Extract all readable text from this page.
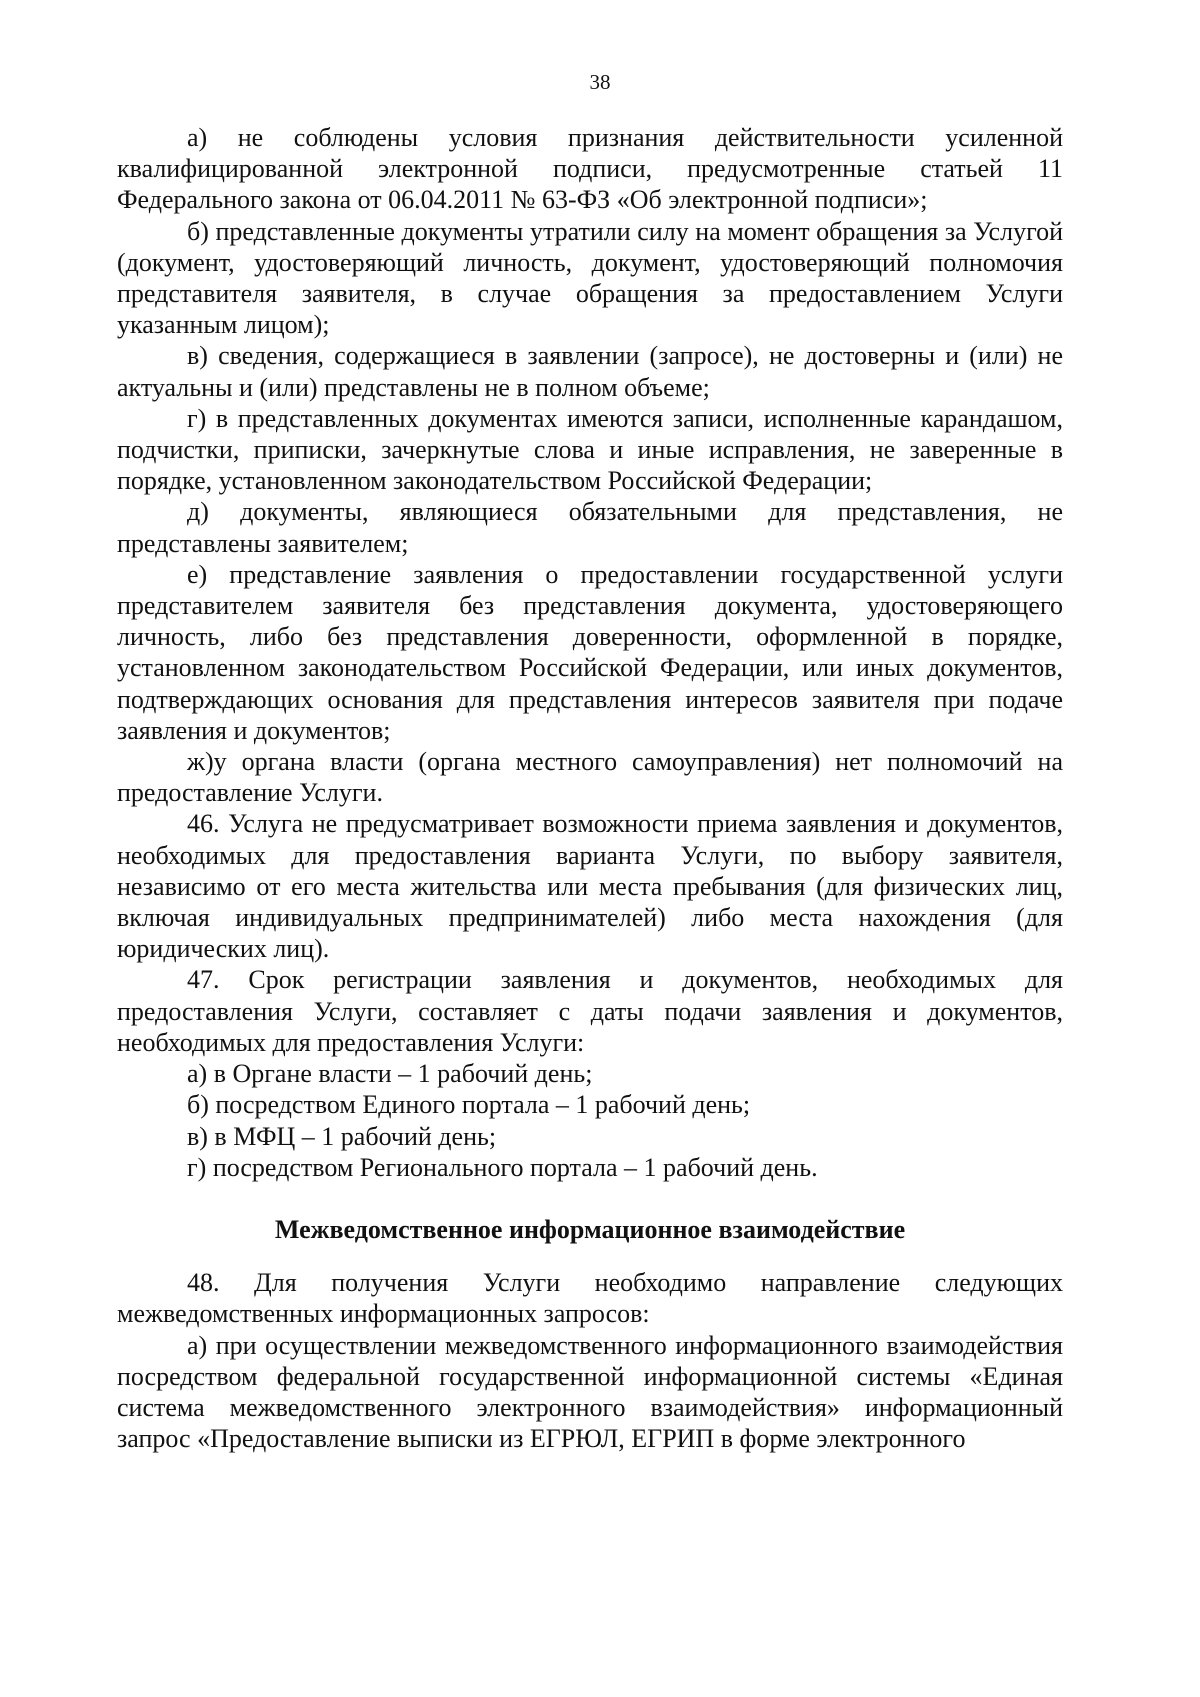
38

а) не соблюдены условия признания действительности усиленной квалифицированной электронной подписи, предусмотренные статьей 11 Федерального закона от 06.04.2011 № 63-ФЗ «Об электронной подписи»;

б) представленные документы утратили силу на момент обращения за Услугой (документ, удостоверяющий личность, документ, удостоверяющий полномочия представителя заявителя, в случае обращения за предоставлением Услуги указанным лицом);

в) сведения, содержащиеся в заявлении (запросе), не достоверны и (или) не актуальны и (или) представлены не в полном объеме;

г) в представленных документах имеются записи, исполненные карандашом, подчистки, приписки, зачеркнутые слова и иные исправления, не заверенные в порядке, установленном законодательством Российской Федерации;

д) документы, являющиеся обязательными для представления, не представлены заявителем;

е) представление заявления о предоставлении государственной услуги представителем заявителя без представления документа, удостоверяющего личность, либо без представления доверенности, оформленной в порядке, установленном законодательством Российской Федерации, или иных документов, подтверждающих основания для представления интересов заявителя при подаче заявления и документов;

ж)у органа власти (органа местного самоуправления) нет полномочий на предоставление Услуги.

46. Услуга не предусматривает возможности приема заявления и документов, необходимых для предоставления варианта Услуги, по выбору заявителя, независимо от его места жительства или места пребывания (для физических лиц, включая индивидуальных предпринимателей) либо места нахождения (для юридических лиц).

47. Срок регистрации заявления и документов, необходимых для предоставления Услуги, составляет с даты подачи заявления и документов, необходимых для предоставления Услуги:

а) в Органе власти – 1 рабочий день;

б) посредством Единого портала – 1 рабочий день;

в) в МФЦ – 1 рабочий день;

г) посредством Регионального портала – 1 рабочий день.

Межведомственное информационное взаимодействие

48. Для получения Услуги необходимо направление следующих межведомственных информационных запросов:

а) при осуществлении межведомственного информационного взаимодействия посредством федеральной государственной информационной системы «Единая система межведомственного электронного взаимодействия» информационный запрос «Предоставление выписки из ЕГРЮЛ, ЕГРИП в форме электронного
